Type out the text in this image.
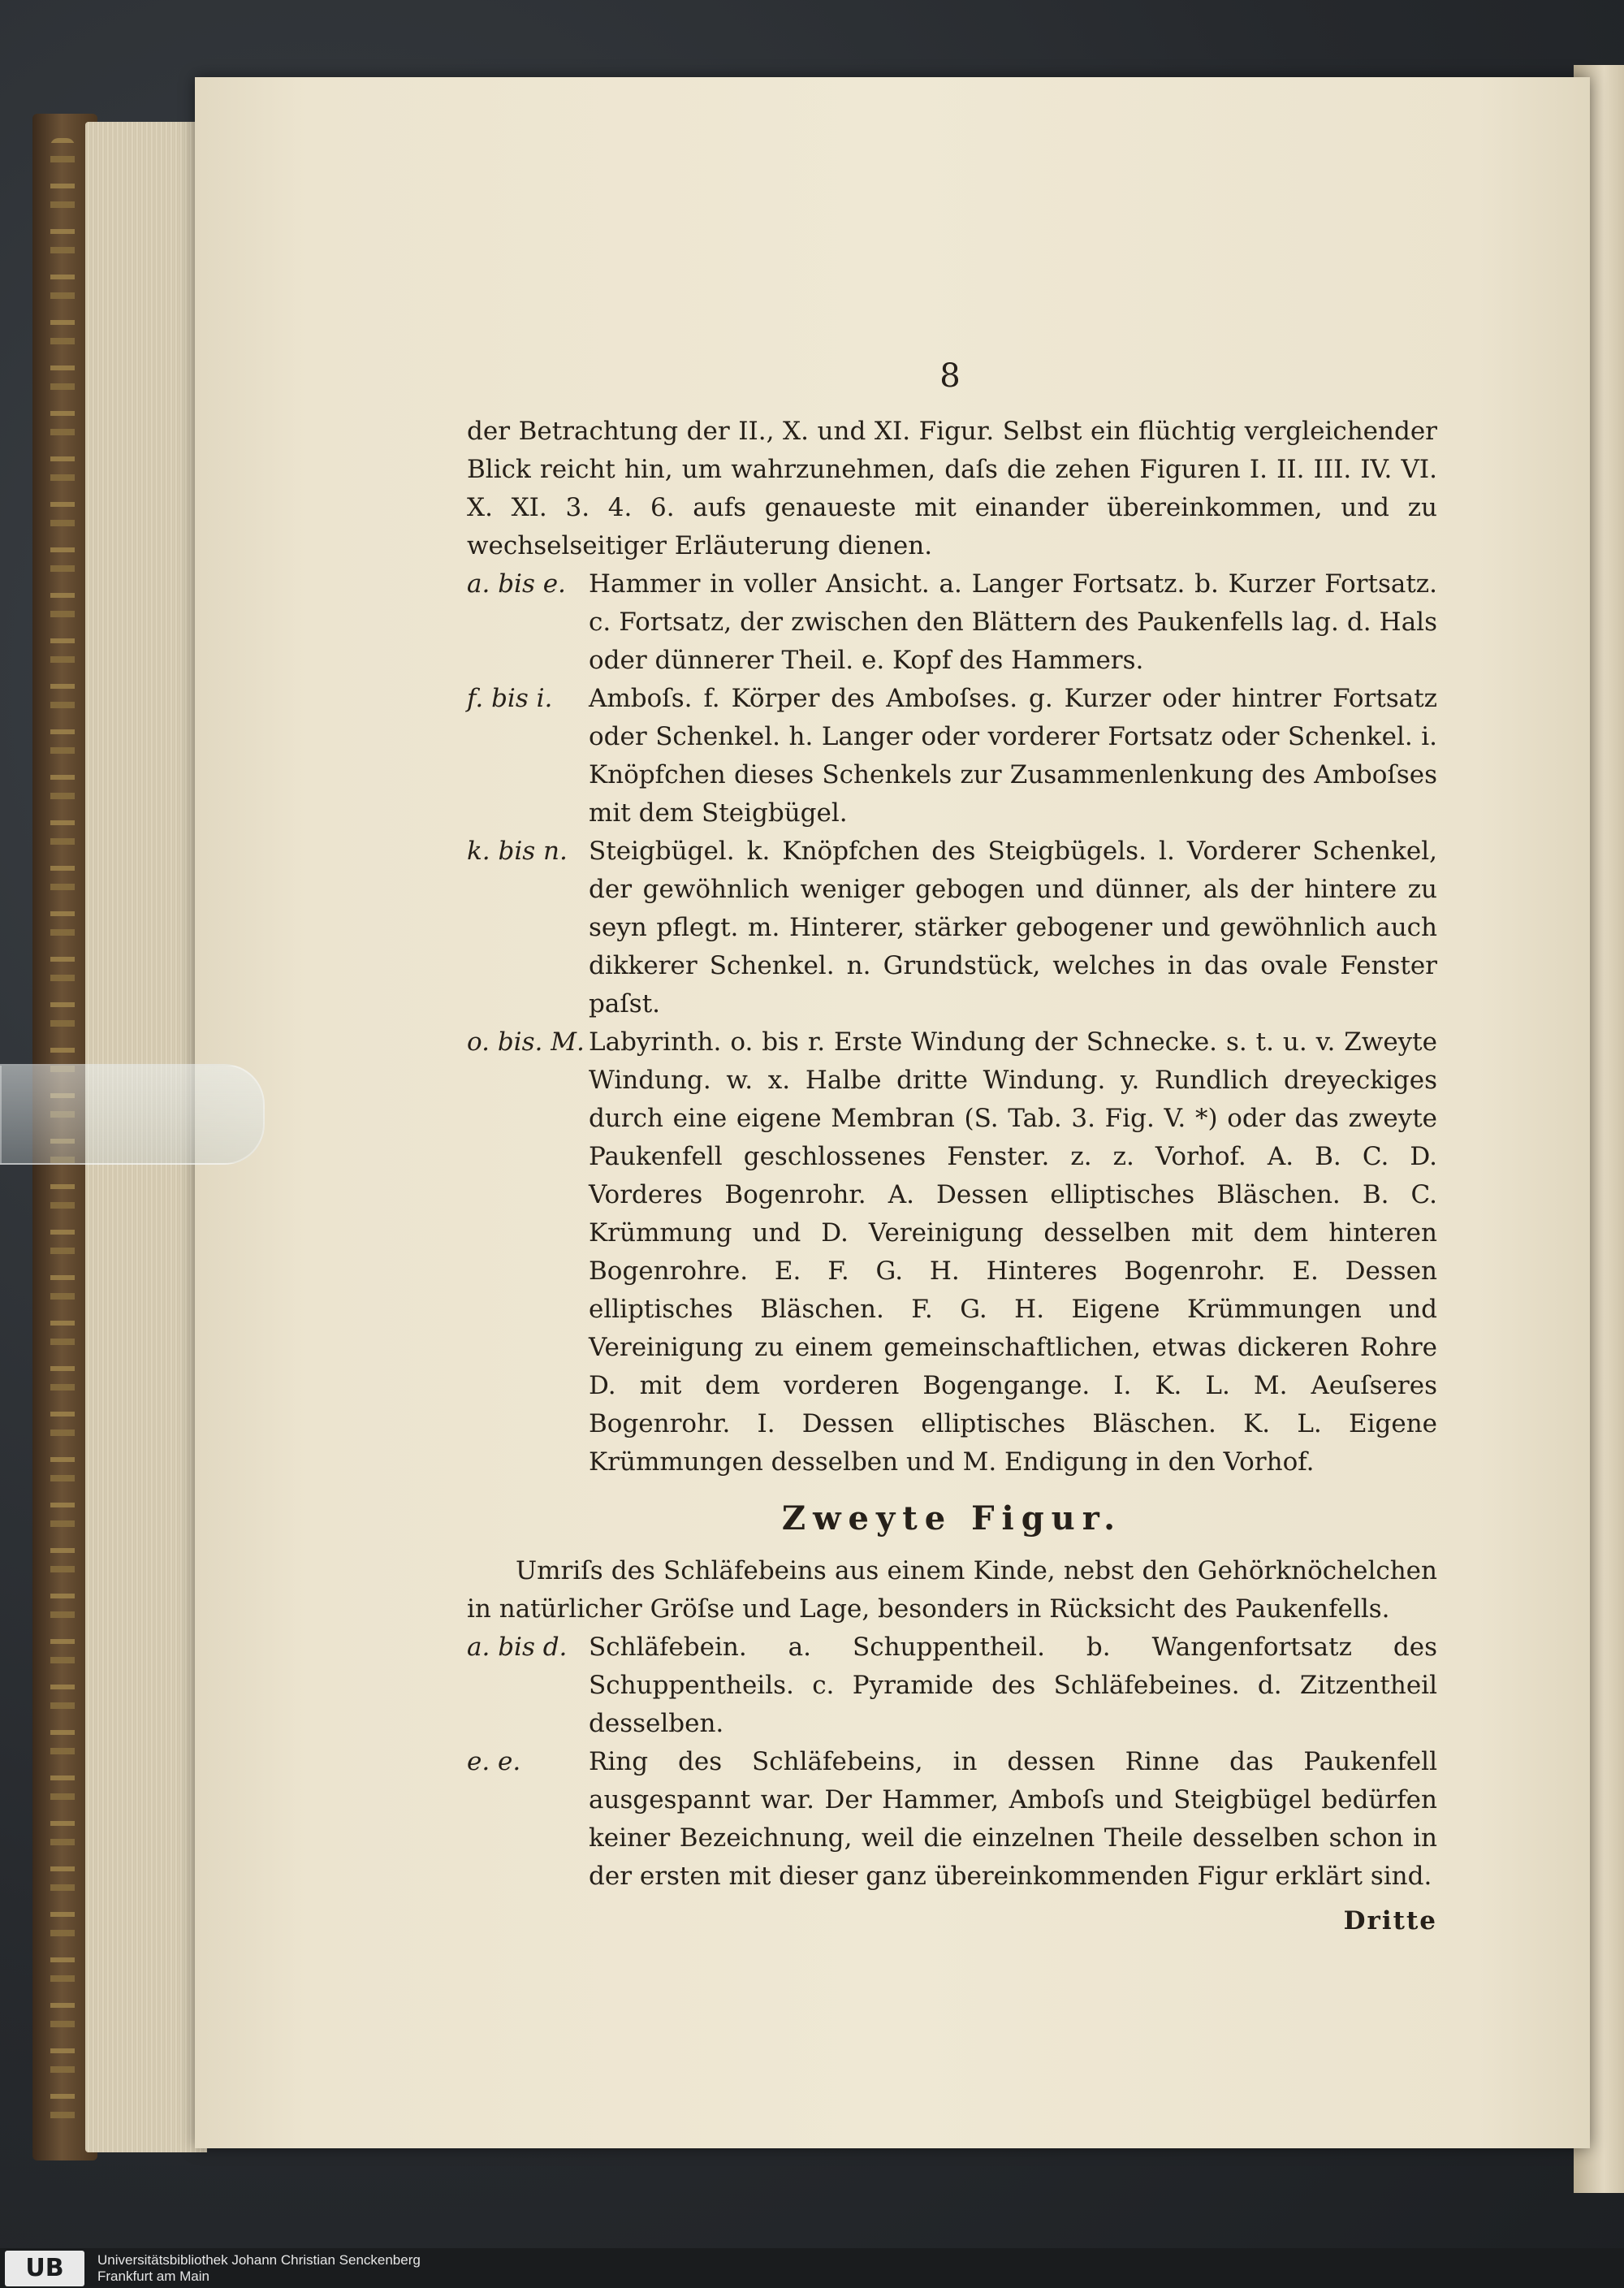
8
der Betrachtung der II., X. und XI. Figur. Selbst ein flüchtig vergleichender Blick reicht hin, um wahrzunehmen, daſs die zehen Figuren I. II. III. IV. VI. X. XI. 3. 4. 6. aufs genaueste mit einander übereinkommen, und zu wechselseitiger Erläuterung dienen.
a. bis e. Hammer in voller Ansicht. a. Langer Fortsatz. b. Kurzer Fortsatz. c. Fortsatz, der zwischen den Blättern des Paukenfells lag. d. Hals oder dünnerer Theil. e. Kopf des Hammers.
f. bis i.	Amboſs. f. Körper des Amboſses. g. Kurzer oder hintrer Fortsatz oder Schenkel. h. Langer oder vorderer Fortsatz oder Schenkel. i. Knöpfchen dieses Schenkels zur Zusammenlenkung des Amboſses mit dem Steigbügel.
k. bis n. Steigbügel. k. Knöpfchen des Steigbügels. l. Vorderer Schenkel, der gewöhnlich weniger gebogen und dünner, als der hintere zu seyn pflegt. m. Hinterer, stärker gebogener und gewöhnlich auch dikkerer Schenkel. n. Grundstück, welches in das ovale Fenster paſst.
o. bis. M. Labyrinth. o. bis r. Erste Windung der Schnecke. s. t. u. v. Zweyte Windung. w. x. Halbe dritte Windung. y. Rundlich dreyeckiges durch eine eigene Membran (S. Tab. 3. Fig. V. *) oder das zweyte Paukenfell geschlossenes Fenster. z. z. Vorhof. A. B. C. D. Vorderes Bogenrohr. A. Dessen elliptisches Bläschen. B. C. Krümmung und D. Vereinigung desselben mit dem hinteren Bogenrohre. E. F. G. H. Hinteres Bogenrohr. E. Dessen elliptisches Bläschen. F. G. H. Eigene Krümmungen und Vereinigung zu einem gemeinschaftlichen, etwas dickeren Rohre D. mit dem vorderen Bogengange. I. K. L. M. Aeuſseres Bogenrohr. I. Dessen elliptisches Bläschen. K. L. Eigene Krümmungen desselben und M. Endigung in den Vorhof.
Zweyte Figur.
Umriſs des Schläfebeins aus einem Kinde, nebst den Gehörknöchelchen in natürlicher Gröſse und Lage, besonders in Rücksicht des Paukenfells.
a. bis d. Schläfebein. a. Schuppentheil. b. Wangenfortsatz des Schuppentheils. c. Pyramide des Schläfebeines. d. Zitzentheil desselben.
e. e.	Ring des Schläfebeins, in dessen Rinne das Paukenfell ausgespannt war. Der Hammer, Amboſs und Steigbügel bedürfen keiner Bezeichnung, weil die einzelnen Theile desselben schon in der ersten mit dieser ganz übereinkommenden Figur erklärt sind.
Dritte
UB	Universitätsbibliothek Johann Christian Senckenberg
Frankfurt am Main
